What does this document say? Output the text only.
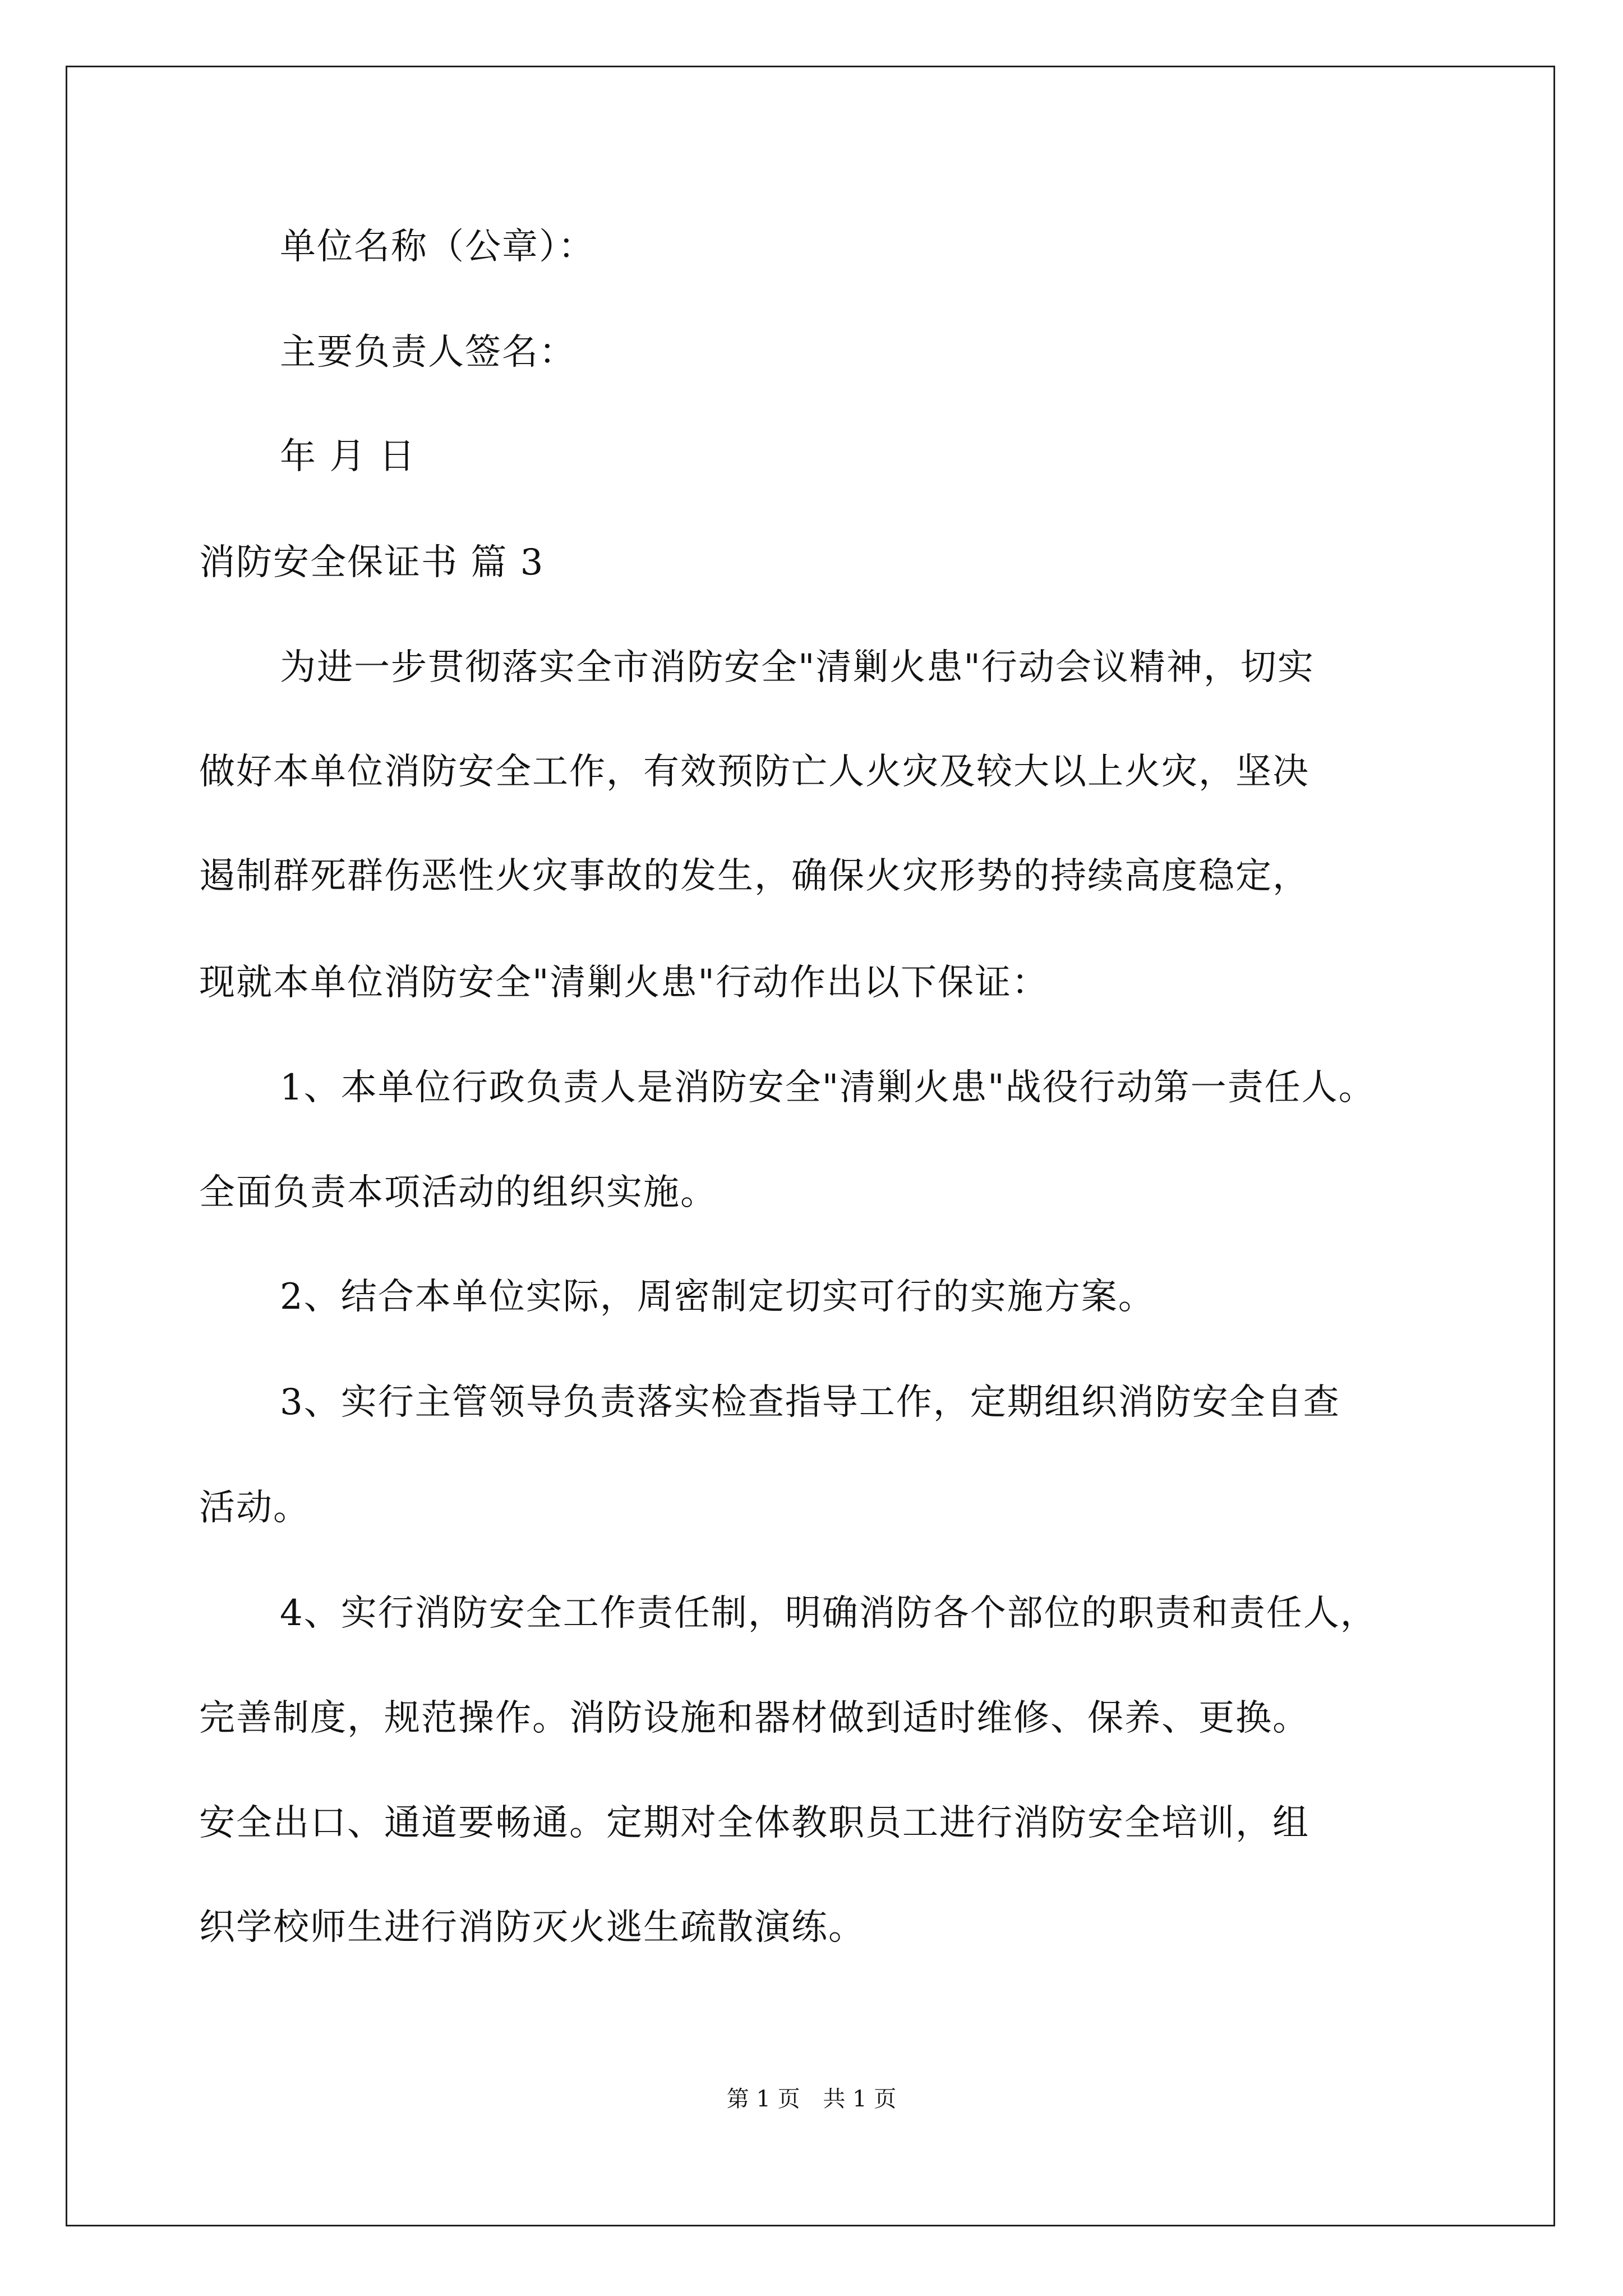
单位名称（公章）：
主要负责人签名：
年 月 日
消防安全保证书 篇 3
为进一步贯彻落实全市消防安全"清剿火患"行动会议精神，切实
做好本单位消防安全工作，有效预防亡人火灾及较大以上火灾，坚决
遏制群死群伤恶性火灾事故的发生，确保火灾形势的持续高度稳定，
现就本单位消防安全"清剿火患"行动作出以下保证：
1、本单位行政负责人是消防安全"清剿火患"战役行动第一责任人。
全面负责本项活动的组织实施。
2、结合本单位实际，周密制定切实可行的实施方案。
3、实行主管领导负责落实检查指导工作，定期组织消防安全自查
活动。
4、实行消防安全工作责任制，明确消防各个部位的职责和责任人，
完善制度，规范操作。消防设施和器材做到适时维修、保养、更换。
安全出口、通道要畅通。定期对全体教职员工进行消防安全培训，组
织学校师生进行消防灭火逃生疏散演练。
第 1 页 共 1 页
